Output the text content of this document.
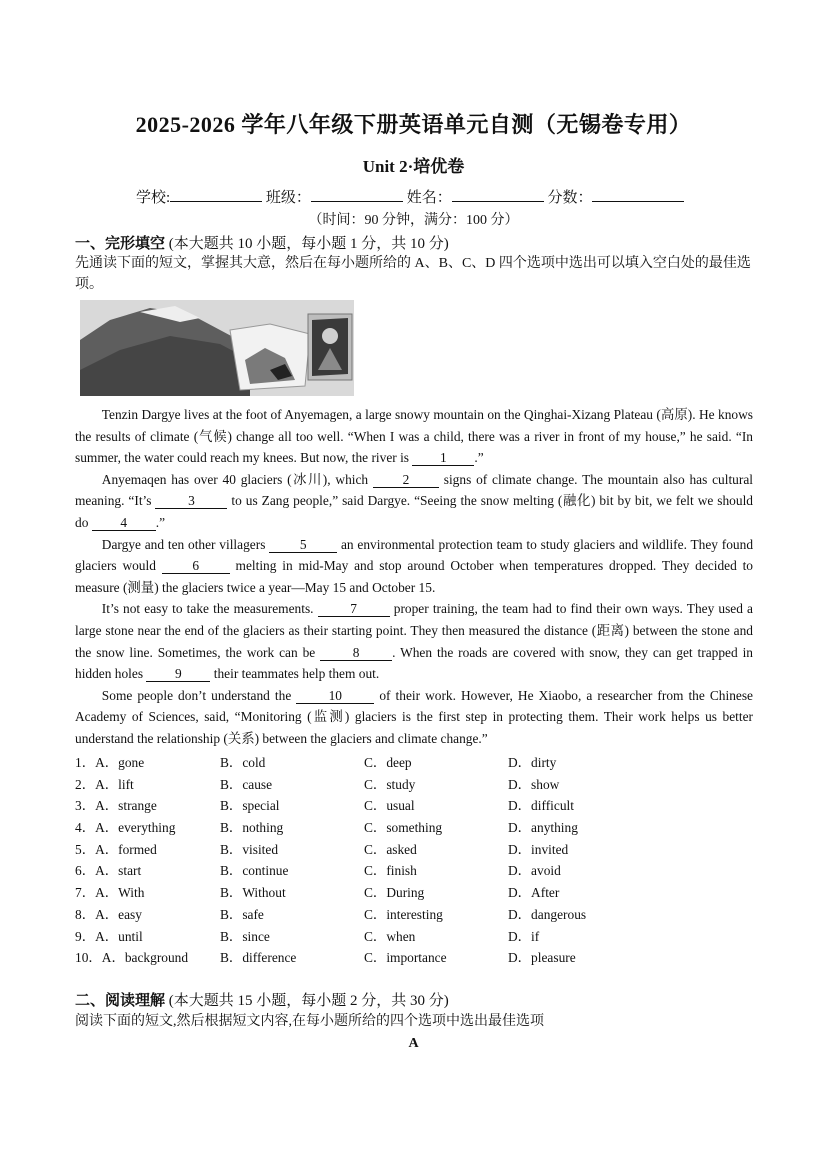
2025-2026 学年八年级下册英语单元自测（无锡卷专用）
Unit 2·培优卷
学校:	班级：	姓名：	分数：
（时间：90 分钟，满分：100 分）
一、完形填空 (本大题共 10 小题，每小题 1 分，共 10 分)
先通读下面的短文，掌握其大意，然后在每小题所给的 A、B、C、D 四个选项中选出可以填入空白处的最佳选项。

Tenzin Dargye lives at the foot of Anyemagen, a large snowy mountain on the Qinghai-Xizang Plateau (高原). He knows the results of climate (气候) change all too well. “When I was a child, there was a river in front of my house,” he said. “In summer, the water could reach my knees. But now, the river is 1 .”

Anyemaqen has over 40 glaciers (冰川), which 2 signs of climate change. The mountain also has cultural meaning. “It’s 3 to us Zang people,” said Dargye. “Seeing the snow melting (融化) bit by bit, we felt we should do 4 .”

Dargye and ten other villagers 5 an environmental protection team to study glaciers and wildlife. They found glaciers would 6 melting in mid-May and stop around October when temperatures dropped. They decided to measure (测量) the glaciers twice a year—May 15 and October 15.

It’s not easy to take the measurements. 7 proper training, the team had to find their own ways. They used a large stone near the end of the glaciers as their starting point. They then measured the distance (距离) between the stone and the snow line. Sometimes, the work can be 8 . When the roads are covered with snow, they can get trapped in hidden holes 9 their teammates help them out.

Some people don’t understand the 10 of their work. However, He Xiaobo, a researcher from the Chinese Academy of Sciences, said, “Monitoring (监测) glaciers is the first step in protecting them. Their work helps us better understand the relationship (关系) between the glaciers and climate change.”

1．A．gone	B．cold	C．deep	D．dirty
2．A．lift	B．cause	C．study	D．show
3．A．strange	B．special	C．usual	D．difficult
4．A．everything	B．nothing	C．something	D．anything
5．A．formed	B．visited	C．asked	D．invited
6．A．start	B．continue	C．finish	D．avoid
7．A．With	B．Without	C．During	D．After
8．A．easy	B．safe	C．interesting	D．dangerous
9．A．until	B．since	C．when	D．if
10．A．background B．difference	C．importance	D．pleasure
二、阅读理解 (本大题共 15 小题，每小题 2 分，共 30 分)
阅读下面的短文,然后根据短文内容,在每小题所给的四个选项中选出最佳选项
A
